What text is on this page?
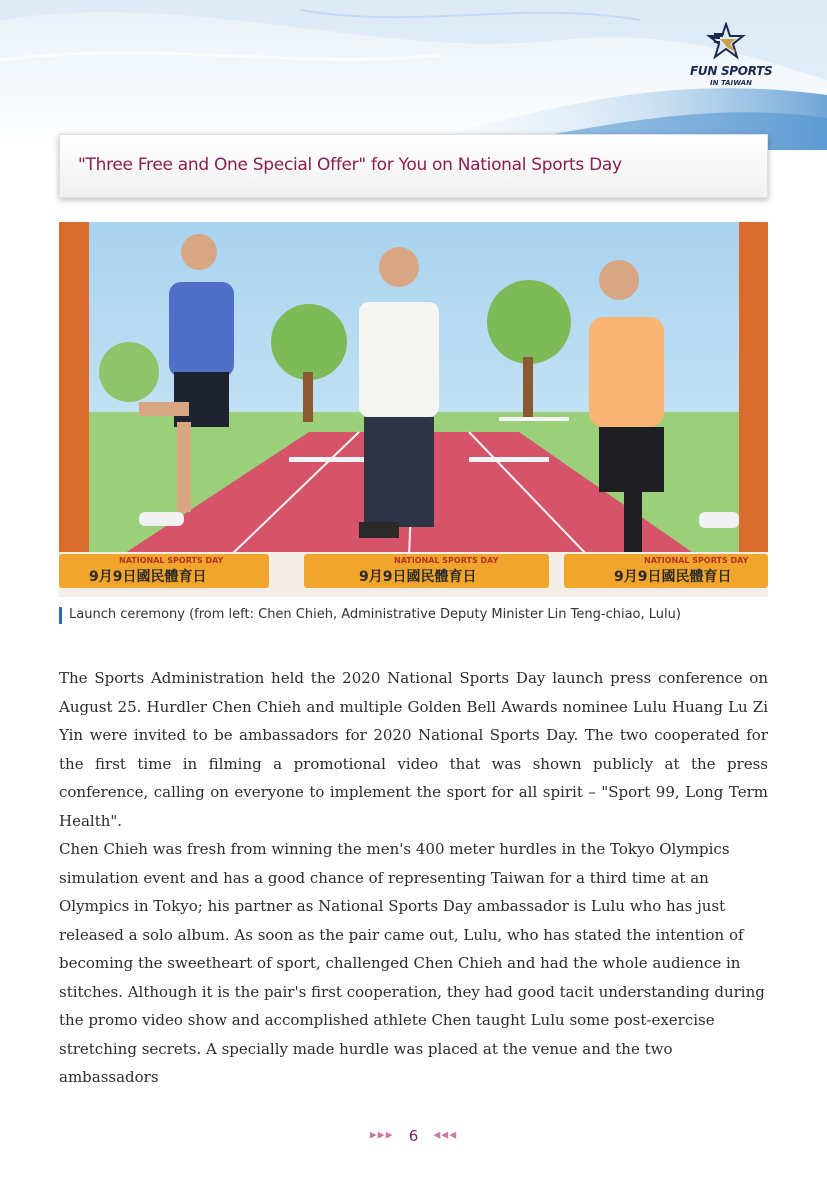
FUN SPORTS
IN TAIWAN
"Three Free and One Special Offer" for You on National Sports Day
NATIONAL SPORTS DAY
9月9日國民體育日
NATIONAL SPORTS DAY
9月9日國民體育日
NATIONAL SPORTS DAY
9月9日國民體育日
Launch ceremony (from left: Chen Chieh, Administrative Deputy Minister Lin Teng-chiao, Lulu)

The Sports Administration held the 2020 National Sports Day launch press conference on August 25. Hurdler Chen Chieh and multiple Golden Bell Awards nominee Lulu Huang Lu Zi Yin were invited to be ambassadors for 2020 National Sports Day. The two cooperated for the first time in filming a promotional video that was shown publicly at the press conference, calling on everyone to implement the sport for all spirit – "Sport 99, Long Term Health".

Chen Chieh was fresh from winning the men's 400 meter hurdles in the Tokyo Olympics simulation event and has a good chance of representing Taiwan for a third time at an Olympics in Tokyo; his partner as National Sports Day ambassador is Lulu who has just released a solo album. As soon as the pair came out, Lulu, who has stated the intention of becoming the sweetheart of sport, challenged Chen Chieh and had the whole audience in stitches. Although it is the pair's first cooperation, they had good tacit understanding during the promo video show and accomplished athlete Chen taught Lulu some post-exercise stretching secrets. A specially made hurdle was placed at the venue and the two ambassadors

▶▶▶ 6 ◀◀◀
